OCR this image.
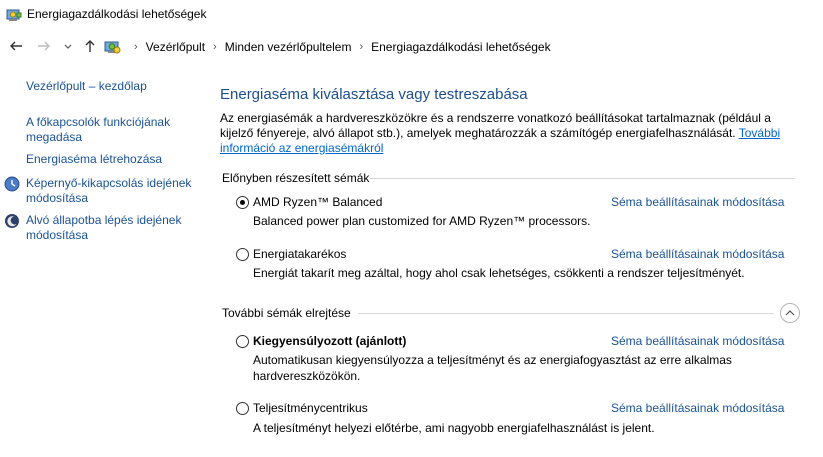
Energiagazdálkodási lehetőségek
› Vezérlőpult › Minden vezérlőpultelem › Energiagazdálkodási lehetőségek
Vezérlőpult – kezdőlap
A főkapcsolók funkciójának megadása
Energiaséma létrehozása
Képernyő-kikapcsolás idejének módosítása
Alvó állapotba lépés idejének módosítása
Energiaséma kiválasztása vagy testreszabása
Az energiasémák a hardvereszközökre és a rendszerre vonatkozó beállításokat tartalmaznak (például a kijelző fényereje, alvó állapot stb.), amelyek meghatározzák a számítógép energiafelhasználását. További információ az energiasémákról
Előnyben részesített sémák
AMD Ryzen™ Balanced	Séma beállításainak módosítása
Balanced power plan customized for AMD Ryzen™ processors.
Energiatakarékos	Séma beállításainak módosítása
Energiát takarít meg azáltal, hogy ahol csak lehetséges, csökkenti a rendszer teljesítményét.
További sémák elrejtése
Kiegyensúlyozott (ajánlott)	Séma beállításainak módosítása
Automatikusan kiegyensúlyozza a teljesítményt és az energiafogyasztást az erre alkalmas hardvereszközökön.
Teljesítménycentrikus	Séma beállításainak módosítása
A teljesítményt helyezi előtérbe, ami nagyobb energiafelhasználást is jelent.
